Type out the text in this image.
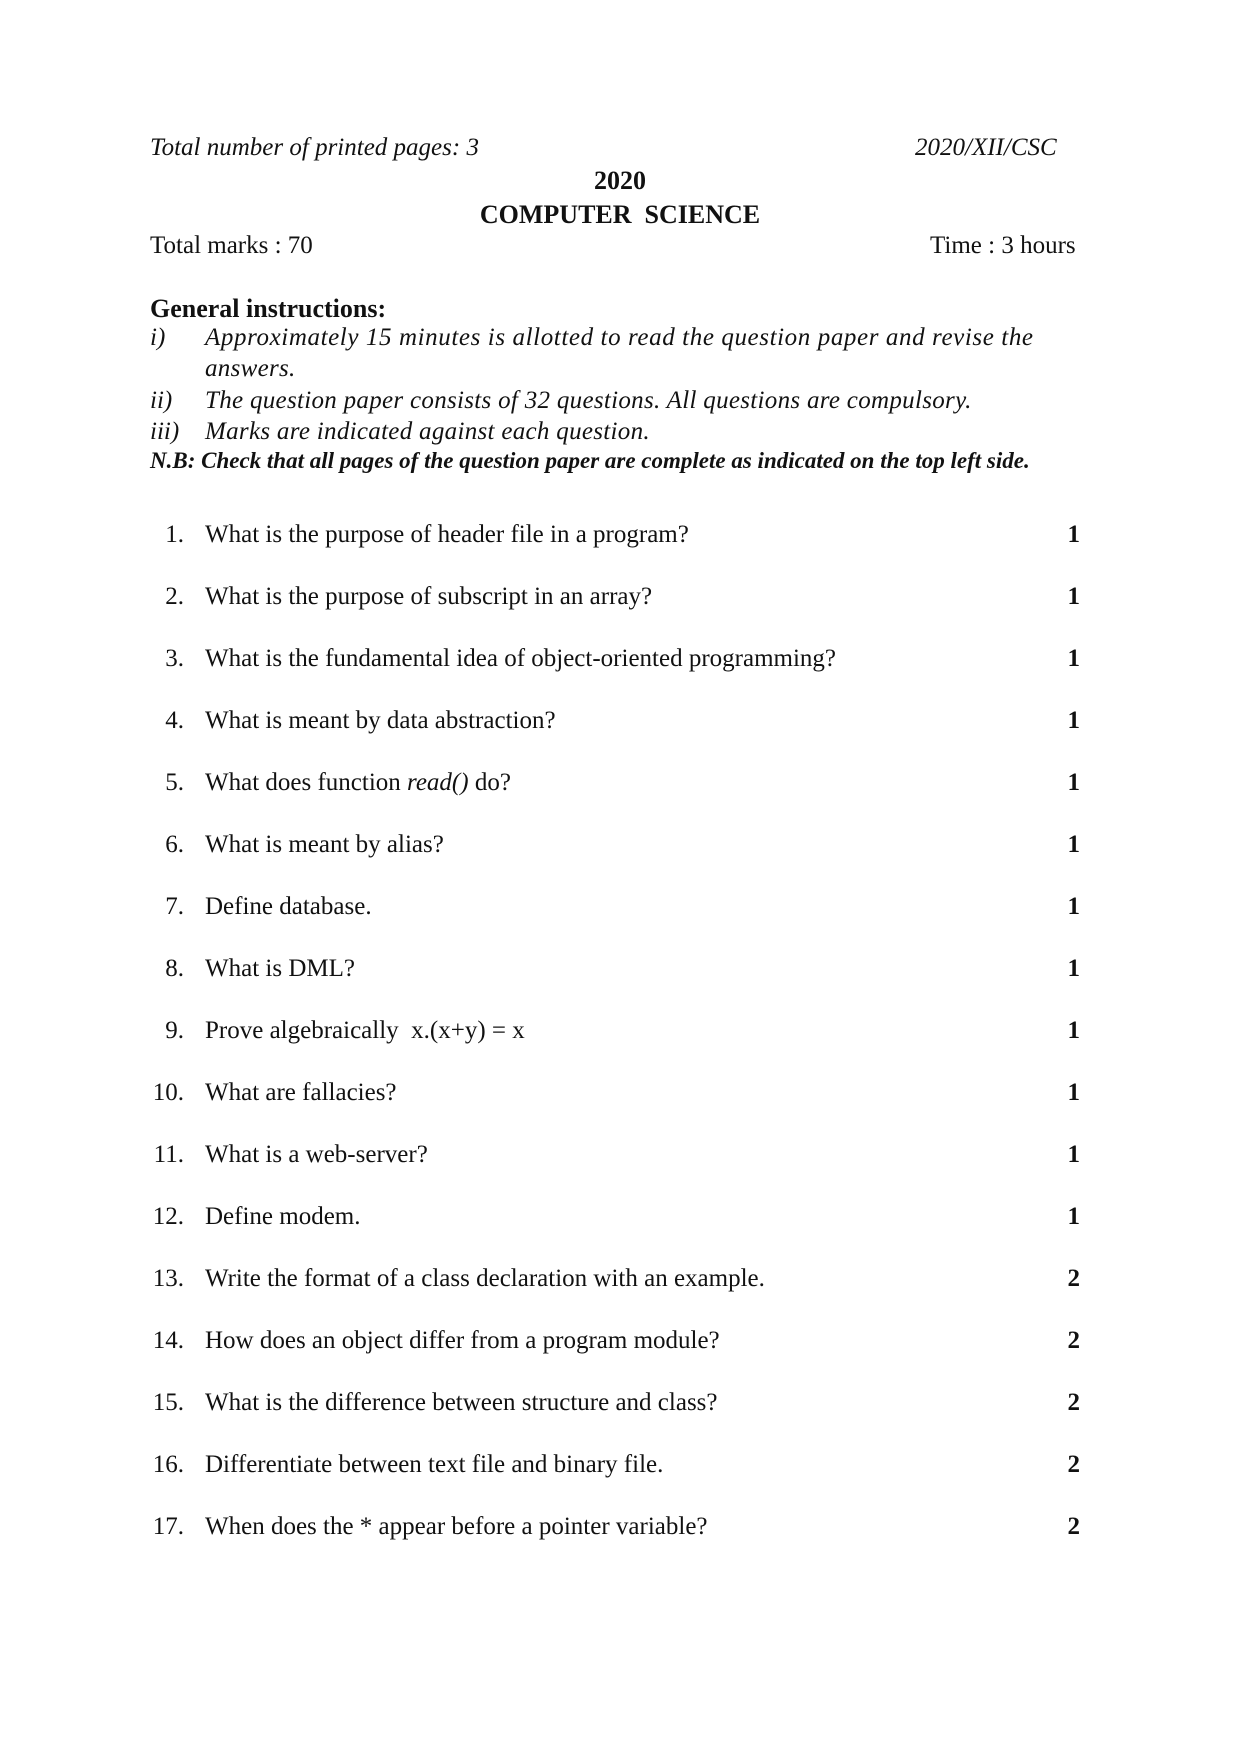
Total number of printed pages: 3	2020/XII/CSC
2020
COMPUTER  SCIENCE
Total marks : 70	Time : 3 hours
General instructions:
i) Approximately 15 minutes is allotted to read the question paper and revise the
answers.
ii) The question paper consists of 32 questions. All questions are compulsory.
iii) Marks are indicated against each question.
N.B: Check that all pages of the question paper are complete as indicated on the top left side.
1. What is the purpose of header file in a program?	1
2. What is the purpose of subscript in an array?	1
3. What is the fundamental idea of object-oriented programming?	1
4. What is meant by data abstraction?	1
5. What does function read() do?	1
6. What is meant by alias?	1
7. Define database.	1
8. What is DML?	1
9. Prove algebraically  x.(x+y) = x	1
10. What are fallacies?	1
11. What is a web-server?	1
12. Define modem.	1
13. Write the format of a class declaration with an example.	2
14. How does an object differ from a program module?	2
15. What is the difference between structure and class?	2
16. Differentiate between text file and binary file.	2
17. When does the * appear before a pointer variable?	2
